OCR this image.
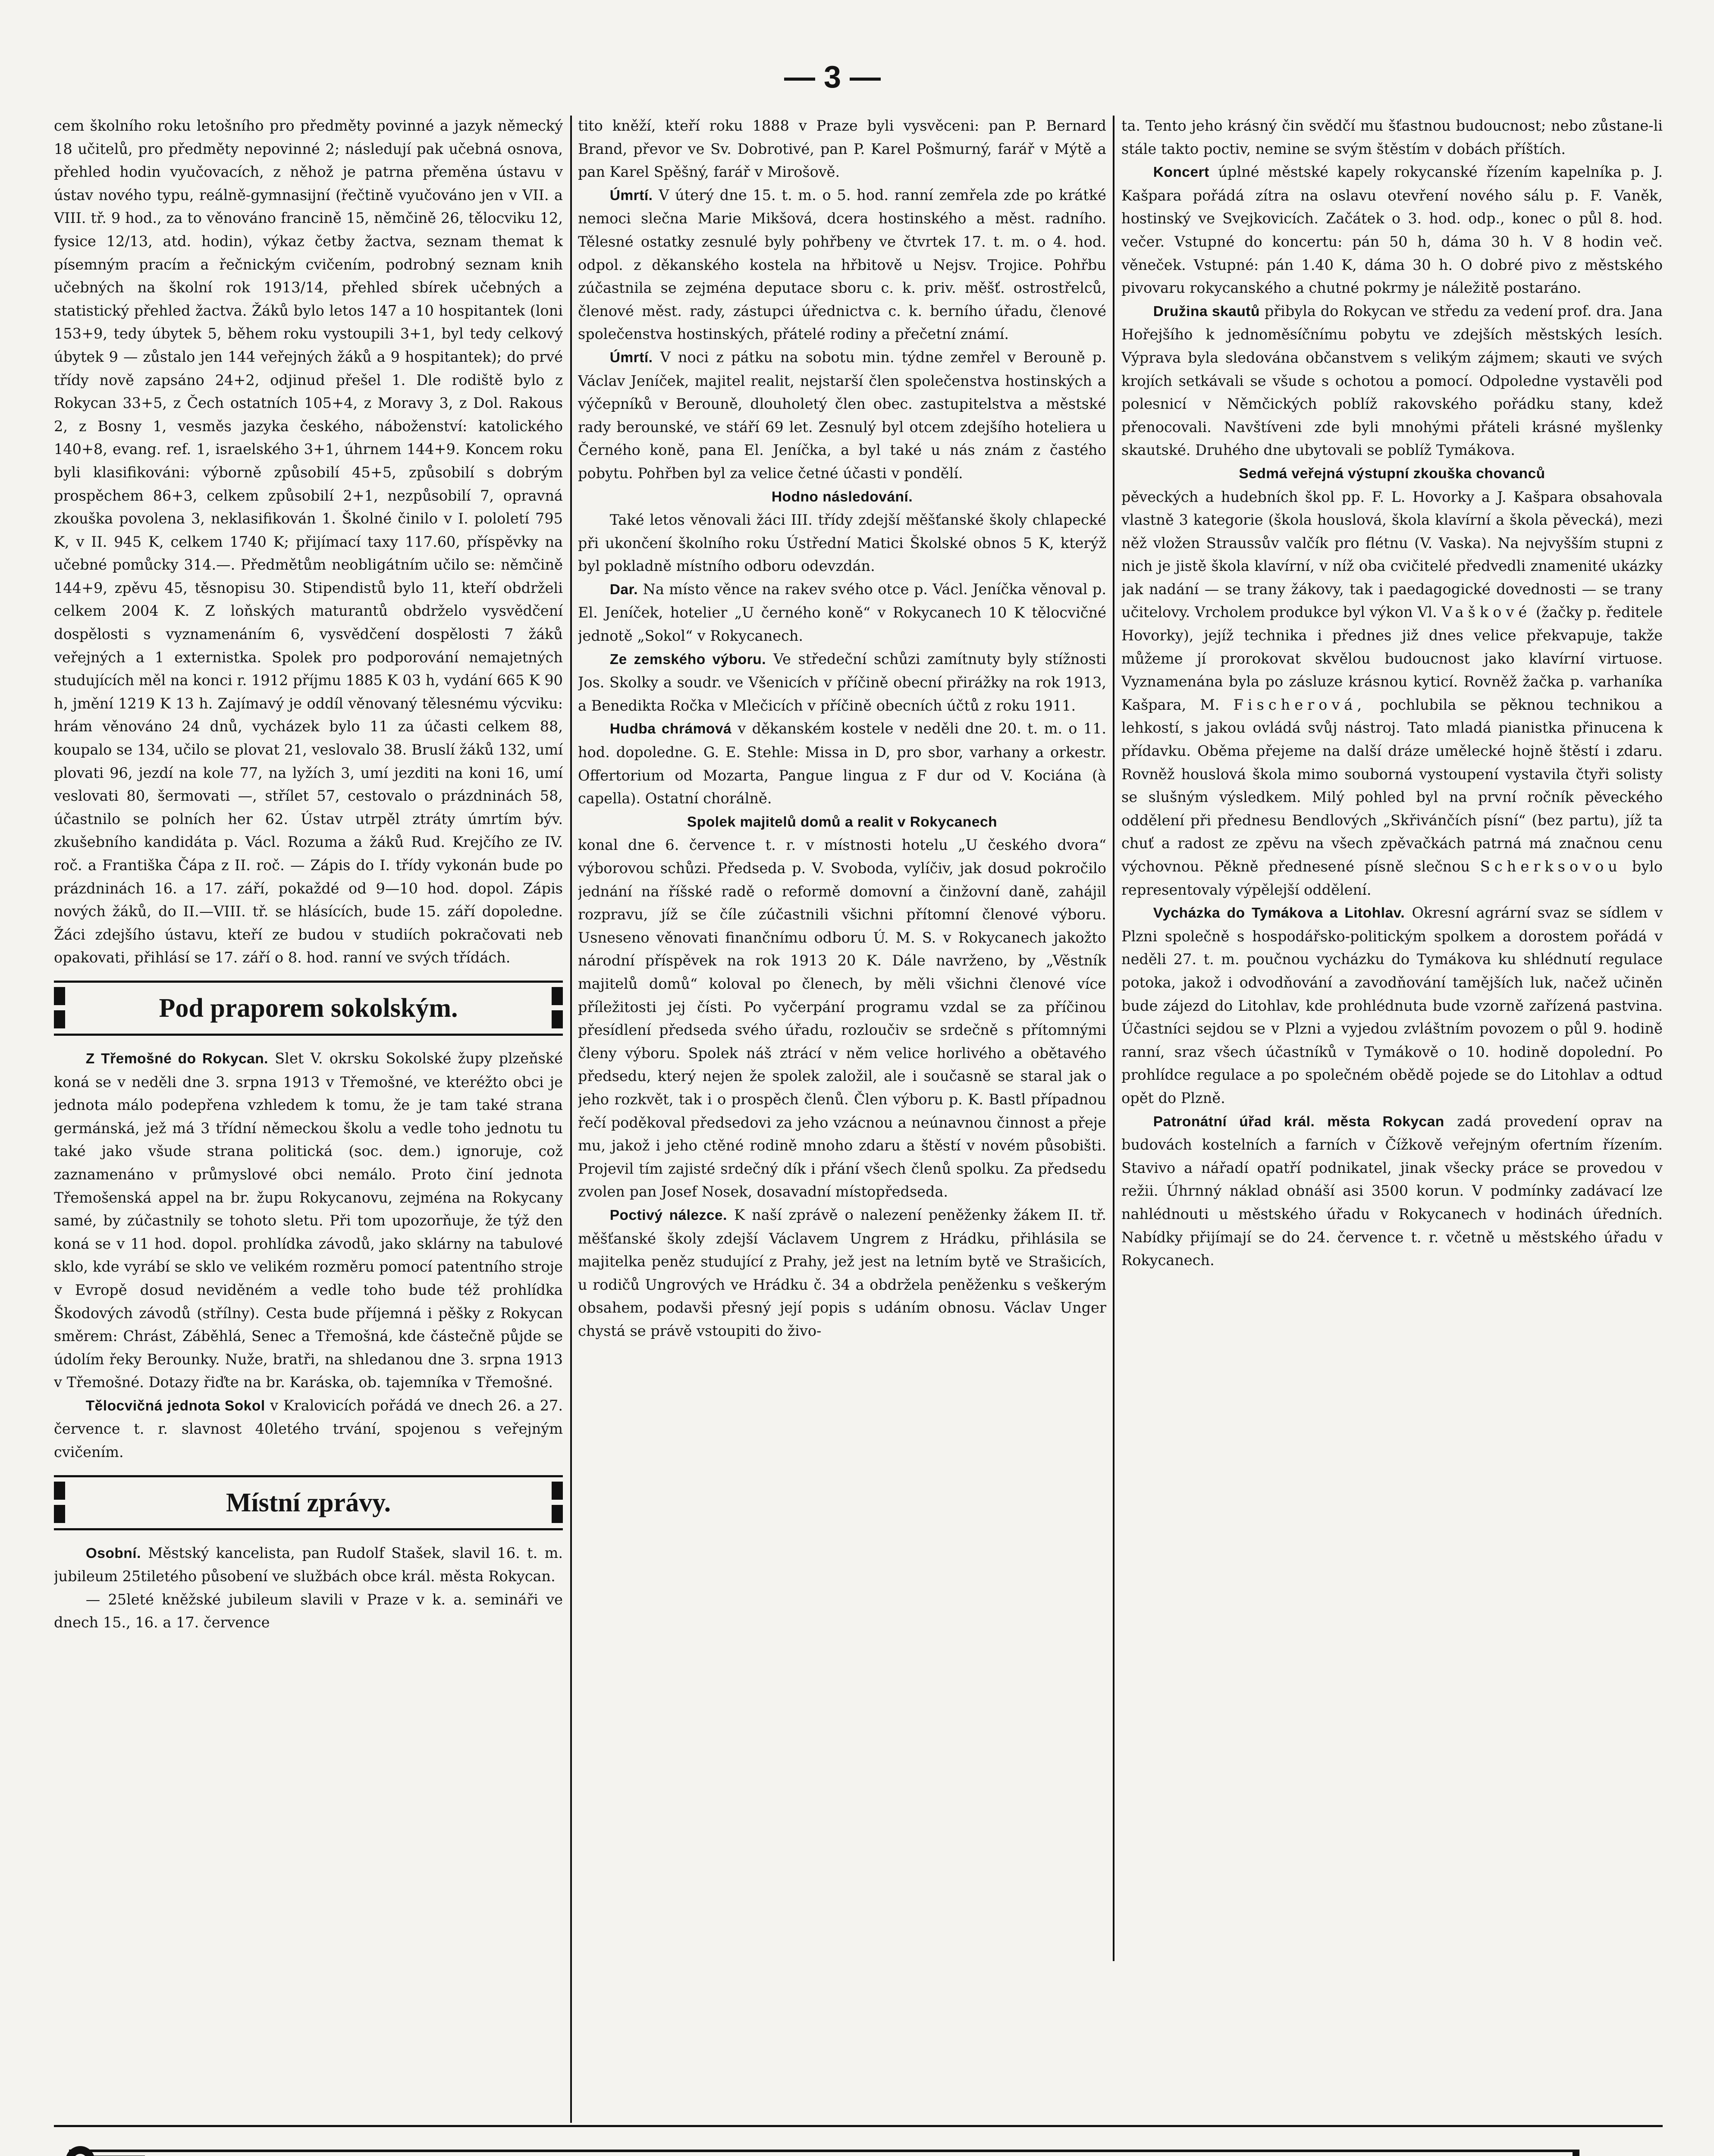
— 3 —

cem školního roku letošního pro předměty povinné a jazyk německý 18 učitelů, pro předměty nepovinné 2; následují pak učebná osnova, přehled hodin vyučovacích, z něhož je patrna přeměna ústavu v ústav nového typu, reálně-gymnasijní (řečtině vyučováno jen v VII. a VIII. tř. 9 hod., za to věnováno francině 15, němčině 26, tělocviku 12, fysice 12/13, atd. hodin), výkaz četby žactva, seznam themat k písemným pracím a řečnickým cvičením, podrobný seznam knih učebných na školní rok 1913/14, přehled sbírek učebných a statistický přehled žactva. Žáků bylo letos 147 a 10 hospitantek (loni 153+9, tedy úbytek 5, během roku vystoupili 3+1, byl tedy celkový úbytek 9 — zůstalo jen 144 veřejných žáků a 9 hospitantek); do prvé třídy nově zapsáno 24+2, odjinud přešel 1. Dle rodiště bylo z Rokycan 33+5, z Čech ostatních 105+4, z Moravy 3, z Dol. Rakous 2, z Bosny 1, vesměs jazyka českého, náboženství: katolického 140+8, evang. ref. 1, israelského 3+1, úhrnem 144+9. Koncem roku byli klasifikováni: výborně způsobilí 45+5, způsobilí s dobrým prospěchem 86+3, celkem způsobilí 2+1, nezpůsobilí 7, opravná zkouška povolena 3, neklasifikován 1. Školné činilo v I. pololetí 795 K, v II. 945 K, celkem 1740 K; přijímací taxy 117.60, příspěvky na učebné pomůcky 314.—. Předmětům neobligátním učilo se: němčině 144+9, zpěvu 45, těsnopisu 30. Stipendistů bylo 11, kteří obdrželi celkem 2004 K. Z loňských maturantů obdrželo vysvědčení dospělosti s vyznamenáním 6, vysvědčení dospělosti 7 žáků veřejných a 1 externistka. Spolek pro podporování nemajetných studujících měl na konci r. 1912 příjmu 1885 K 03 h, vydání 665 K 90 h, jmění 1219 K 13 h. Zajímavý je oddíl věnovaný tělesnému výcviku: hrám věnováno 24 dnů, vycházek bylo 11 za účasti celkem 88, koupalo se 134, učilo se plovat 21, veslovalo 38. Bruslí žáků 132, umí plovati 96, jezdí na kole 77, na lyžích 3, umí jezditi na koni 16, umí veslovati 80, šermovati —, střílet 57, cestovalo o prázdninách 58, účastnilo se polních her 62. Ústav utrpěl ztráty úmrtím býv. zkušebního kandidáta p. Václ. Rozuma a žáků Rud. Krejčího ze IV. roč. a Františka Čápa z II. roč. — Zápis do I. třídy vykonán bude po prázdninách 16. a 17. září, pokaždé od 9—10 hod. dopol. Zápis nových žáků, do II.—VIII. tř. se hlásících, bude 15. září dopoledne. Žáci zdejšího ústavu, kteří ze budou v studiích pokračovati neb opakovati, přihlásí se 17. září o 8. hod. ranní ve svých třídách.

Pod praporem sokolským.

Z Třemošné do Rokycan. Slet V. okrsku Sokolské župy plzeňské koná se v neděli dne 3. srpna 1913 v Třemošné, ve kteréžto obci je jednota málo podepřena vzhledem k tomu, že je tam také strana germánská, jež má 3 třídní německou školu a vedle toho jednotu tu také jako všude strana politická (soc. dem.) ignoruje, což zaznamenáno v průmyslové obci nemálo. Proto činí jednota Třemošenská appel na br. župu Rokycanovu, zejména na Rokycany samé, by zúčastnily se tohoto sletu. Při tom upozorňuje, že týž den koná se v 11 hod. dopol. prohlídka závodů, jako sklárny na tabulové sklo, kde vyrábí se sklo ve velikém rozměru pomocí patentního stroje v Evropě dosud neviděném a vedle toho bude též prohlídka Škodových závodů (střílny). Cesta bude příjemná i pěšky z Rokycan směrem: Chrást, Záběhlá, Senec a Třemošná, kde částečně půjde se údolím řeky Berounky. Nuže, bratři, na shledanou dne 3. srpna 1913 v Třemošné. Dotazy řiďte na br. Karáska, ob. tajemníka v Třemošné.

Tělocvičná jednota Sokol v Kralovicích pořádá ve dnech 26. a 27. července t. r. slavnost 40letého trvání, spojenou s veřejným cvičením.

Místní zprávy.

Osobní. Městský kancelista, pan Rudolf Stašek, slavil 16. t. m. jubileum 25tiletého působení ve službách obce král. města Rokycan.

— 25leté kněžské jubileum slavili v Praze v k. a. semináři ve dnech 15., 16. a 17. července

tito kněží, kteří roku 1888 v Praze byli vysvěceni: pan P. Bernard Brand, převor ve Sv. Dobrotivé, pan P. Karel Pošmurný, farář v Mýtě a pan Karel Spěšný, farář v Mirošově.

Úmrtí. V úterý dne 15. t. m. o 5. hod. ranní zemřela zde po krátké nemoci slečna Marie Mikšová, dcera hostinského a měst. radního. Tělesné ostatky zesnulé byly pohřbeny ve čtvrtek 17. t. m. o 4. hod. odpol. z děkanského kostela na hřbitově u Nejsv. Trojice. Pohřbu zúčastnila se zejména deputace sboru c. k. priv. měšť. ostrostřelců, členové měst. rady, zástupci úřednictva c. k. berního úřadu, členové společenstva hostinských, přátelé rodiny a přečetní známí.

Úmrtí. V noci z pátku na sobotu min. týdne zemřel v Berouně p. Václav Jeníček, majitel realit, nejstarší člen společenstva hostinských a výčepníků v Berouně, dlouholetý člen obec. zastupitelstva a městské rady berounské, ve stáří 69 let. Zesnulý byl otcem zdejšího hoteliera u Černého koně, pana El. Jeníčka, a byl také u nás znám z častého pobytu. Pohřben byl za velice četné účasti v pondělí.

Hodno následování.

Také letos věnovali žáci III. třídy zdejší měšťanské školy chlapecké při ukončení školního roku Ústřední Matici Školské obnos 5 K, kterýž byl pokladně místního odboru odevzdán.

Dar. Na místo věnce na rakev svého otce p. Václ. Jeníčka věnoval p. El. Jeníček, hotelier „U černého koně“ v Rokycanech 10 K tělocvičné jednotě „Sokol“ v Rokycanech.

Ze zemského výboru. Ve středeční schůzi zamítnuty byly stížnosti Jos. Skolky a soudr. ve Všenicích v příčině obecní přirážky na rok 1913, a Benedikta Ročka v Mlečicích v příčině obecních účtů z roku 1911.

Hudba chrámová v děkanském kostele v neděli dne 20. t. m. o 11. hod. dopoledne. G. E. Stehle: Missa in D, pro sbor, varhany a orkestr. Offertorium od Mozarta, Pangue lingua z F dur od V. Kociána (à capella). Ostatní chorálně.

Spolek majitelů domů a realit v Rokycanech

konal dne 6. července t. r. v místnosti hotelu „U českého dvora“ výborovou schůzi. Předseda p. V. Svoboda, vylíčiv, jak dosud pokročilo jednání na říšské radě o reformě domovní a činžovní daně, zahájil rozpravu, jíž se číle zúčastnili všichni přítomní členové výboru. Usneseno věnovati finančnímu odboru Ú. M. S. v Rokycanech jakožto národní příspěvek na rok 1913 20 K. Dále navrženo, by „Věstník majitelů domů“ koloval po členech, by měli všichni členové více příležitosti jej čísti. Po vyčerpání programu vzdal se za příčinou přesídlení předseda svého úřadu, rozloučiv se srdečně s přítomnými členy výboru. Spolek náš ztrácí v něm velice horlivého a obětavého předsedu, který nejen že spolek založil, ale i současně se staral jak o jeho rozkvět, tak i o prospěch členů. Člen výboru p. K. Bastl případnou řečí poděkoval předsedovi za jeho vzácnou a neúnavnou činnost a přeje mu, jakož i jeho ctěné rodině mnoho zdaru a štěstí v novém působišti. Projevil tím zajisté srdečný dík i přání všech členů spolku. Za předsedu zvolen pan Josef Nosek, dosavadní místopředseda.

Poctivý nálezce. K naší zprávě o nalezení peněženky žákem II. tř. měšťanské školy zdejší Václavem Ungrem z Hrádku, přihlásila se majitelka peněz studující z Prahy, jež jest na letním bytě ve Strašicích, u rodičů Ungrových ve Hrádku č. 34 a obdržela peněženku s veškerým obsahem, podavši přesný její popis s udáním obnosu. Václav Unger chystá se právě vstoupiti do živo-

ta. Tento jeho krásný čin svědčí mu šťastnou budoucnost; nebo zůstane-li stále takto poctiv, nemine se svým štěstím v dobách příštích.

Koncert úplné městské kapely rokycanské řízením kapelníka p. J. Kašpara pořádá zítra na oslavu otevření nového sálu p. F. Vaněk, hostinský ve Svejkovicích. Začátek o 3. hod. odp., konec o půl 8. hod. večer. Vstupné do koncertu: pán 50 h, dáma 30 h. V 8 hodin več. věneček. Vstupné: pán 1.40 K, dáma 30 h. O dobré pivo z městského pivovaru rokycanského a chutné pokrmy je náležitě postaráno.

Družina skautů přibyla do Rokycan ve středu za vedení prof. dra. Jana Hořejšího k jednoměsíčnímu pobytu ve zdejších městských lesích. Výprava byla sledována občanstvem s velikým zájmem; skauti ve svých krojích setkávali se všude s ochotou a pomocí. Odpoledne vystavěli pod polesnicí v Němčických poblíž rakovského pořádku stany, kdež přenocovali. Navštíveni zde byli mnohými přáteli krásné myšlenky skautské. Druhého dne ubytovali se poblíž Tymákova.

Sedmá veřejná výstupní zkouška chovanců

pěveckých a hudebních škol pp. F. L. Hovorky a J. Kašpara obsahovala vlastně 3 kategorie (škola houslová, škola klavírní a škola pěvecká), mezi něž vložen Straussův valčík pro flétnu (V. Vaska). Na nejvyšším stupni z nich je jistě škola klavírní, v níž oba cvičitelé předvedli znamenité ukázky jak nadání — se trany žákovy, tak i paedagogické dovednosti — se trany učitelovy. Vrcholem produkce byl výkon Vl. Vaškové (žačky p. ředitele Hovorky), jejíž technika i přednes již dnes velice překvapuje, takže můžeme jí prorokovat skvělou budoucnost jako klavírní virtuose. Vyznamenána byla po zásluze krásnou kyticí. Rovněž žačka p. varhaníka Kašpara, M. Fischerová, pochlubila se pěknou technikou a lehkostí, s jakou ovládá svůj nástroj. Tato mladá pianistka přinucena k přídavku. Oběma přejeme na další dráze umělecké hojně štěstí i zdaru. Rovněž houslová škola mimo souborná vystoupení vystavila čtyři solisty se slušným výsledkem. Milý pohled byl na první ročník pěveckého oddělení při přednesu Bendlových „Skřivánčích písní“ (bez partu), jíž ta chuť a radost ze zpěvu na všech zpěvačkách patrná má značnou cenu výchovnou. Pěkně přednesené písně slečnou Scherksovou bylo representovaly výpělejší oddělení.

Vycházka do Tymákova a Litohlav. Okresní agrární svaz se sídlem v Plzni společně s hospodářsko-politickým spolkem a dorostem pořádá v neděli 27. t. m. poučnou vycházku do Tymákova ku shlédnutí regulace potoka, jakož i odvodňování a zavodňování tamějších luk, načež učiněn bude zájezd do Litohlav, kde prohlédnuta bude vzorně zařízená pastvina. Účastníci sejdou se v Plzni a vyjedou zvláštním povozem o půl 9. hodině ranní, sraz všech účastníků v Tymákově o 10. hodině dopolední. Po prohlídce regulace a po společném obědě pojede se do Litohlav a odtud opět do Plzně.

Patronátní úřad král. města Rokycan zadá provedení oprav na budovách kostelních a farních v Čížkově veřejným ofertním řízením. Stavivo a nářadí opatří podnikatel, jinak všecky práce se provedou v režii. Úhrnný náklad obnáší asi 3500 korun. V podmínky zadávací lze nahlédnouti u městského úřadu v Rokycanech v hodinách úředních. Nabídky přijímají se do 24. července t. r. včetně u městského úřadu v Rokycanech.
